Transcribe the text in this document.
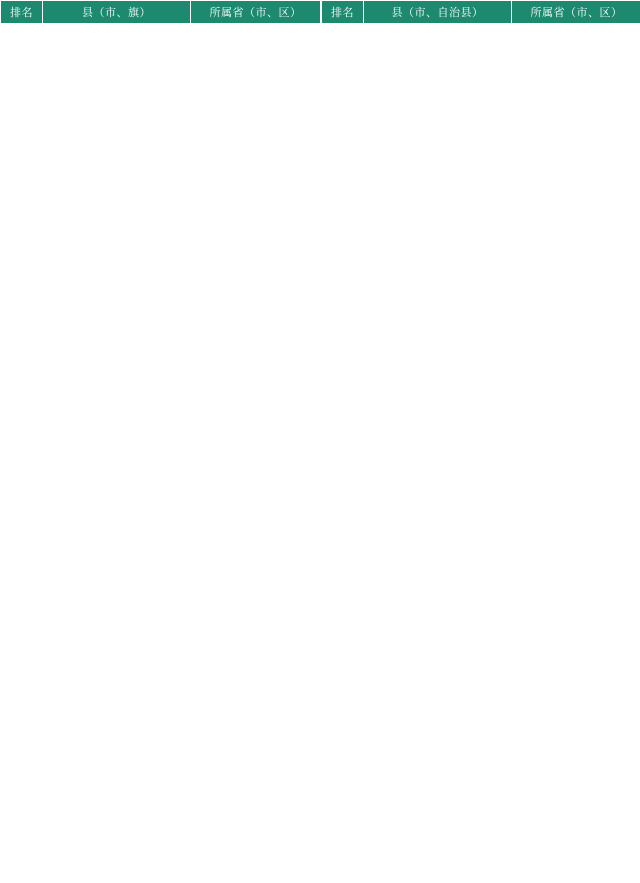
排名	县（市、旗）	所属省（市、区）	排名	县（市、自治县）	所属省（市、区）
